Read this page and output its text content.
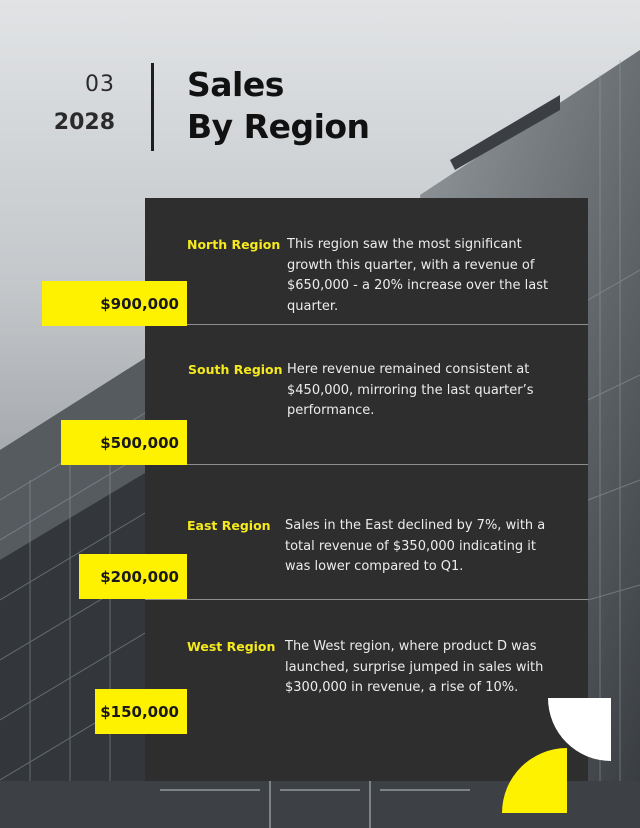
03
2028
Sales
By Region
North Region This region saw the most significant growth this quarter, with a revenue of $650,000 - a 20% increase over the last quarter.
$900,000
South Region Here revenue remained consistent at $450,000, mirroring the last quarter’s performance.
$500,000
East Region Sales in the East declined by 7%, with a total revenue of $350,000 indicating it was lower compared to Q1.
$200,000
West Region The West region, where product D was launched, surprise jumped in sales with $300,000 in revenue, a rise of 10%.
$150,000
